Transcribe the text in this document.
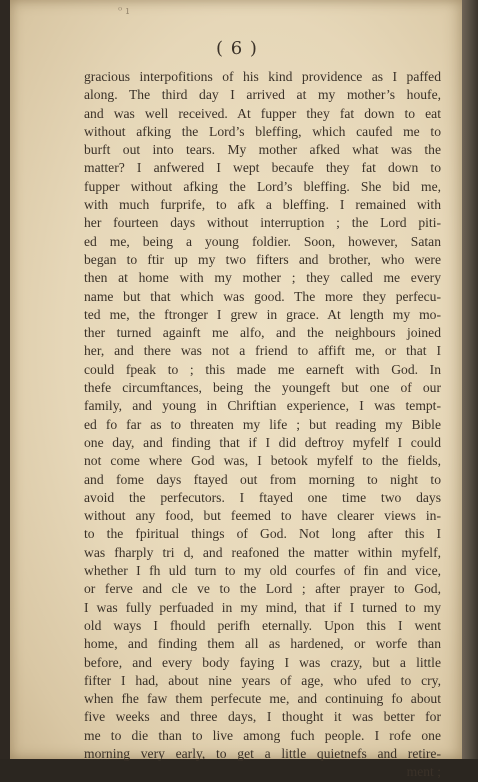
ᵒ ı
( 6 )
gracious interpofitions of his kind providence as I paffed
along. The third day I arrived at my mother’s houfe,
and was well received. At fupper they fat down to eat
without afking the Lord’s bleffing, which caufed me to
burft out into tears. My mother afked what was the
matter? I anfwered I wept becaufe they fat down to
fupper without afking the Lord’s bleffing. She bid me,
with much furprife, to afk a bleffing. I remained with
her fourteen days without interruption ; the Lord piti-
ed me, being a young foldier. Soon, however, Satan
began to ftir up my two fifters and brother, who were
then at home with my mother ; they called me every
name but that which was good. The more they perfecu-
ted me, the ftronger I grew in grace. At length my mo-
ther turned againft me alfo, and the neighbours joined
her, and there was not a friend to affift me, or that I
could fpeak to ; this made me earneft with God. In
thefe circumftances, being the youngeft but one of our
family, and young in Chriftian experience, I was tempt-
ed fo far as to threaten my life ; but reading my Bible
one day, and finding that if I did deftroy myfelf I could
not come where God was, I betook myfelf to the fields,
and fome days ftayed out from morning to night to
avoid the perfecutors. I ftayed one time two days
without any food, but feemed to have clearer views in-
to the fpiritual things of God. Not long after this I
was fharply tri d, and reafoned the matter within myfelf,
whether I fh uld turn to my old courfes of fin and vice,
or ferve and cle ve to the Lord ; after prayer to God,
I was fully perfuaded in my mind, that if I turned to my
old ways I fhould perifh eternally. Upon this I went
home, and finding them all as hardened, or worfe than
before, and every body faying I was crazy, but a little
fifter I had, about nine years of age, who ufed to cry,
when fhe faw them perfecute me, and continuing fo about
five weeks and three days, I thought it was better for
me to die than to live among fuch people. I rofe one
morning very early, to get a little quietnefs and retire-
ment ;
